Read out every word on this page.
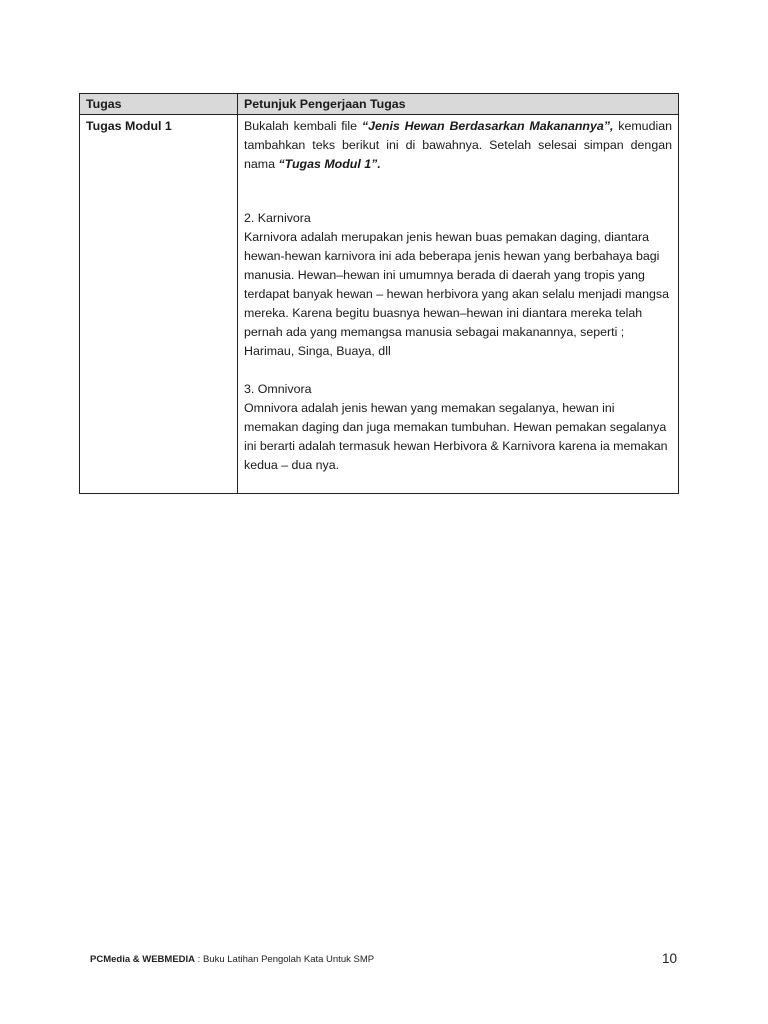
Tugas	Petunjuk Pengerjaan Tugas
Tugas Modul 1	Bukalah kembali file “Jenis Hewan Berdasarkan Makanannya”, kemudian tambahkan teks berikut ini di bawahnya. Setelah selesai simpan dengan nama “Tugas Modul 1”.

2. Karnivora

Karnivora adalah merupakan jenis hewan buas pemakan daging, diantara hewan-hewan karnivora ini ada beberapa jenis hewan yang berbahaya bagi manusia. Hewan–hewan ini umumnya berada di daerah yang tropis yang terdapat banyak hewan – hewan herbivora yang akan selalu menjadi mangsa mereka. Karena begitu buasnya hewan–hewan ini diantara mereka telah pernah ada yang memangsa manusia sebagai makanannya, seperti ; Harimau, Singa, Buaya, dll

3. Omnivora

Omnivora adalah jenis hewan yang memakan segalanya, hewan ini memakan daging dan juga memakan tumbuhan. Hewan pemakan segalanya ini berarti adalah termasuk hewan Herbivora & Karnivora karena ia memakan kedua – dua nya.

PCMedia & WEBMEDIA : Buku Latihan Pengolah Kata Untuk SMP	10
